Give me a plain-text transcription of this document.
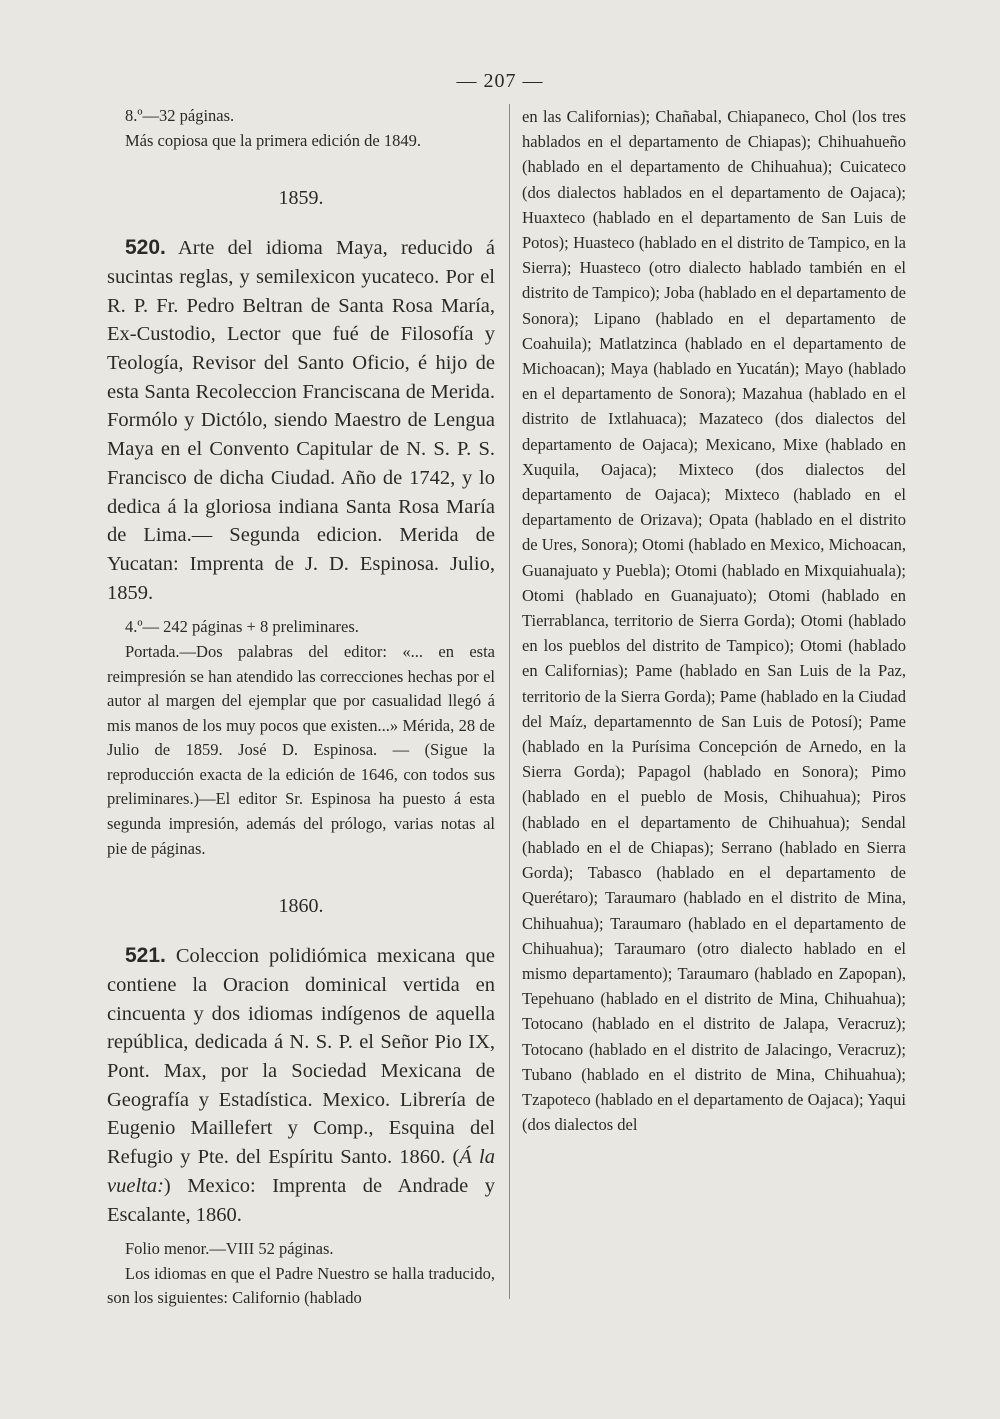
— 207 —

8.º—32 páginas.

Más copiosa que la primera edición de 1849.

1859.

520. Arte del idioma Maya, reducido á sucintas reglas, y semilexicon yucateco. Por el R. P. Fr. Pedro Beltran de Santa Rosa María, Ex-Custodio, Lector que fué de Filosofía y Teología, Revisor del Santo Oficio, é hijo de esta Santa Recoleccion Franciscana de Merida. Formólo y Dictólo, siendo Maestro de Lengua Maya en el Convento Capitular de N. S. P. S. Francisco de dicha Ciudad. Año de 1742, y lo dedica á la gloriosa indiana Santa Rosa María de Lima.— Segunda edicion. Merida de Yucatan: Imprenta de J. D. Espinosa. Julio, 1859.

4.º— 242 páginas + 8 preliminares.

Portada.—Dos palabras del editor: «... en esta reimpresión se han atendido las correcciones hechas por el autor al margen del ejemplar que por casualidad llegó á mis manos de los muy pocos que existen...» Mérida, 28 de Julio de 1859. José D. Espinosa. — (Sigue la reproducción exacta de la edición de 1646, con todos sus preliminares.)—El editor Sr. Espinosa ha puesto á esta segunda impresión, además del prólogo, varias notas al pie de páginas.

1860.

521. Coleccion polidiómica mexicana que contiene la Oracion dominical vertida en cincuenta y dos idiomas indígenos de aquella república, dedicada á N. S. P. el Señor Pio IX, Pont. Max, por la Sociedad Mexicana de Geografía y Estadística. Mexico. Librería de Eugenio Maillefert y Comp., Esquina del Refugio y Pte. del Espíritu Santo. 1860. (Á la vuelta:) Mexico: Imprenta de Andrade y Escalante, 1860.

Folio menor.—VIII 52 páginas.

Los idiomas en que el Padre Nuestro se halla traducido, son los siguientes: Californio (hablado

en las Californias); Chañabal, Chiapaneco, Chol (los tres hablados en el departamento de Chiapas); Chihuahueño (hablado en el departamento de Chihuahua); Cuicateco (dos dialectos hablados en el departamento de Oajaca); Huaxteco (hablado en el departamento de San Luis de Potos); Huasteco (hablado en el distrito de Tampico, en la Sierra); Huasteco (otro dialecto hablado también en el distrito de Tampico); Joba (hablado en el departamento de Sonora); Lipano (hablado en el departamento de Coahuila); Matlatzinca (hablado en el departamento de Michoacan); Maya (hablado en Yucatán); Mayo (hablado en el departamento de Sonora); Mazahua (hablado en el distrito de Ixtlahuaca); Mazateco (dos dialectos del departamento de Oajaca); Mexicano, Mixe (hablado en Xuquila, Oajaca); Mixteco (dos dialectos del departamento de Oajaca); Mixteco (hablado en el departamento de Orizava); Opata (hablado en el distrito de Ures, Sonora); Otomi (hablado en Mexico, Michoacan, Guanajuato y Puebla); Otomi (hablado en Mixquiahuala); Otomi (hablado en Guanajuato); Otomi (hablado en Tierrablanca, territorio de Sierra Gorda); Otomi (hablado en los pueblos del distrito de Tampico); Otomi (hablado en Californias); Pame (hablado en San Luis de la Paz, territorio de la Sierra Gorda); Pame (hablado en la Ciudad del Maíz, departamennto de San Luis de Potosí); Pame (hablado en la Purísima Concepción de Arnedo, en la Sierra Gorda); Papagol (hablado en Sonora); Pimo (hablado en el pueblo de Mosis, Chihuahua); Piros (hablado en el departamento de Chihuahua); Sendal (hablado en el de Chiapas); Serrano (hablado en Sierra Gorda); Tabasco (hablado en el departamento de Querétaro); Taraumaro (hablado en el distrito de Mina, Chihuahua); Taraumaro (hablado en el departamento de Chihuahua); Taraumaro (otro dialecto hablado en el mismo departamento); Taraumaro (hablado en Zapopan), Tepehuano (hablado en el distrito de Mina, Chihuahua); Totocano (hablado en el distrito de Jalapa, Veracruz); Totocano (hablado en el distrito de Jalacingo, Veracruz); Tubano (hablado en el distrito de Mina, Chihuahua); Tzapoteco (hablado en el departamento de Oajaca); Yaqui (dos dialectos del
